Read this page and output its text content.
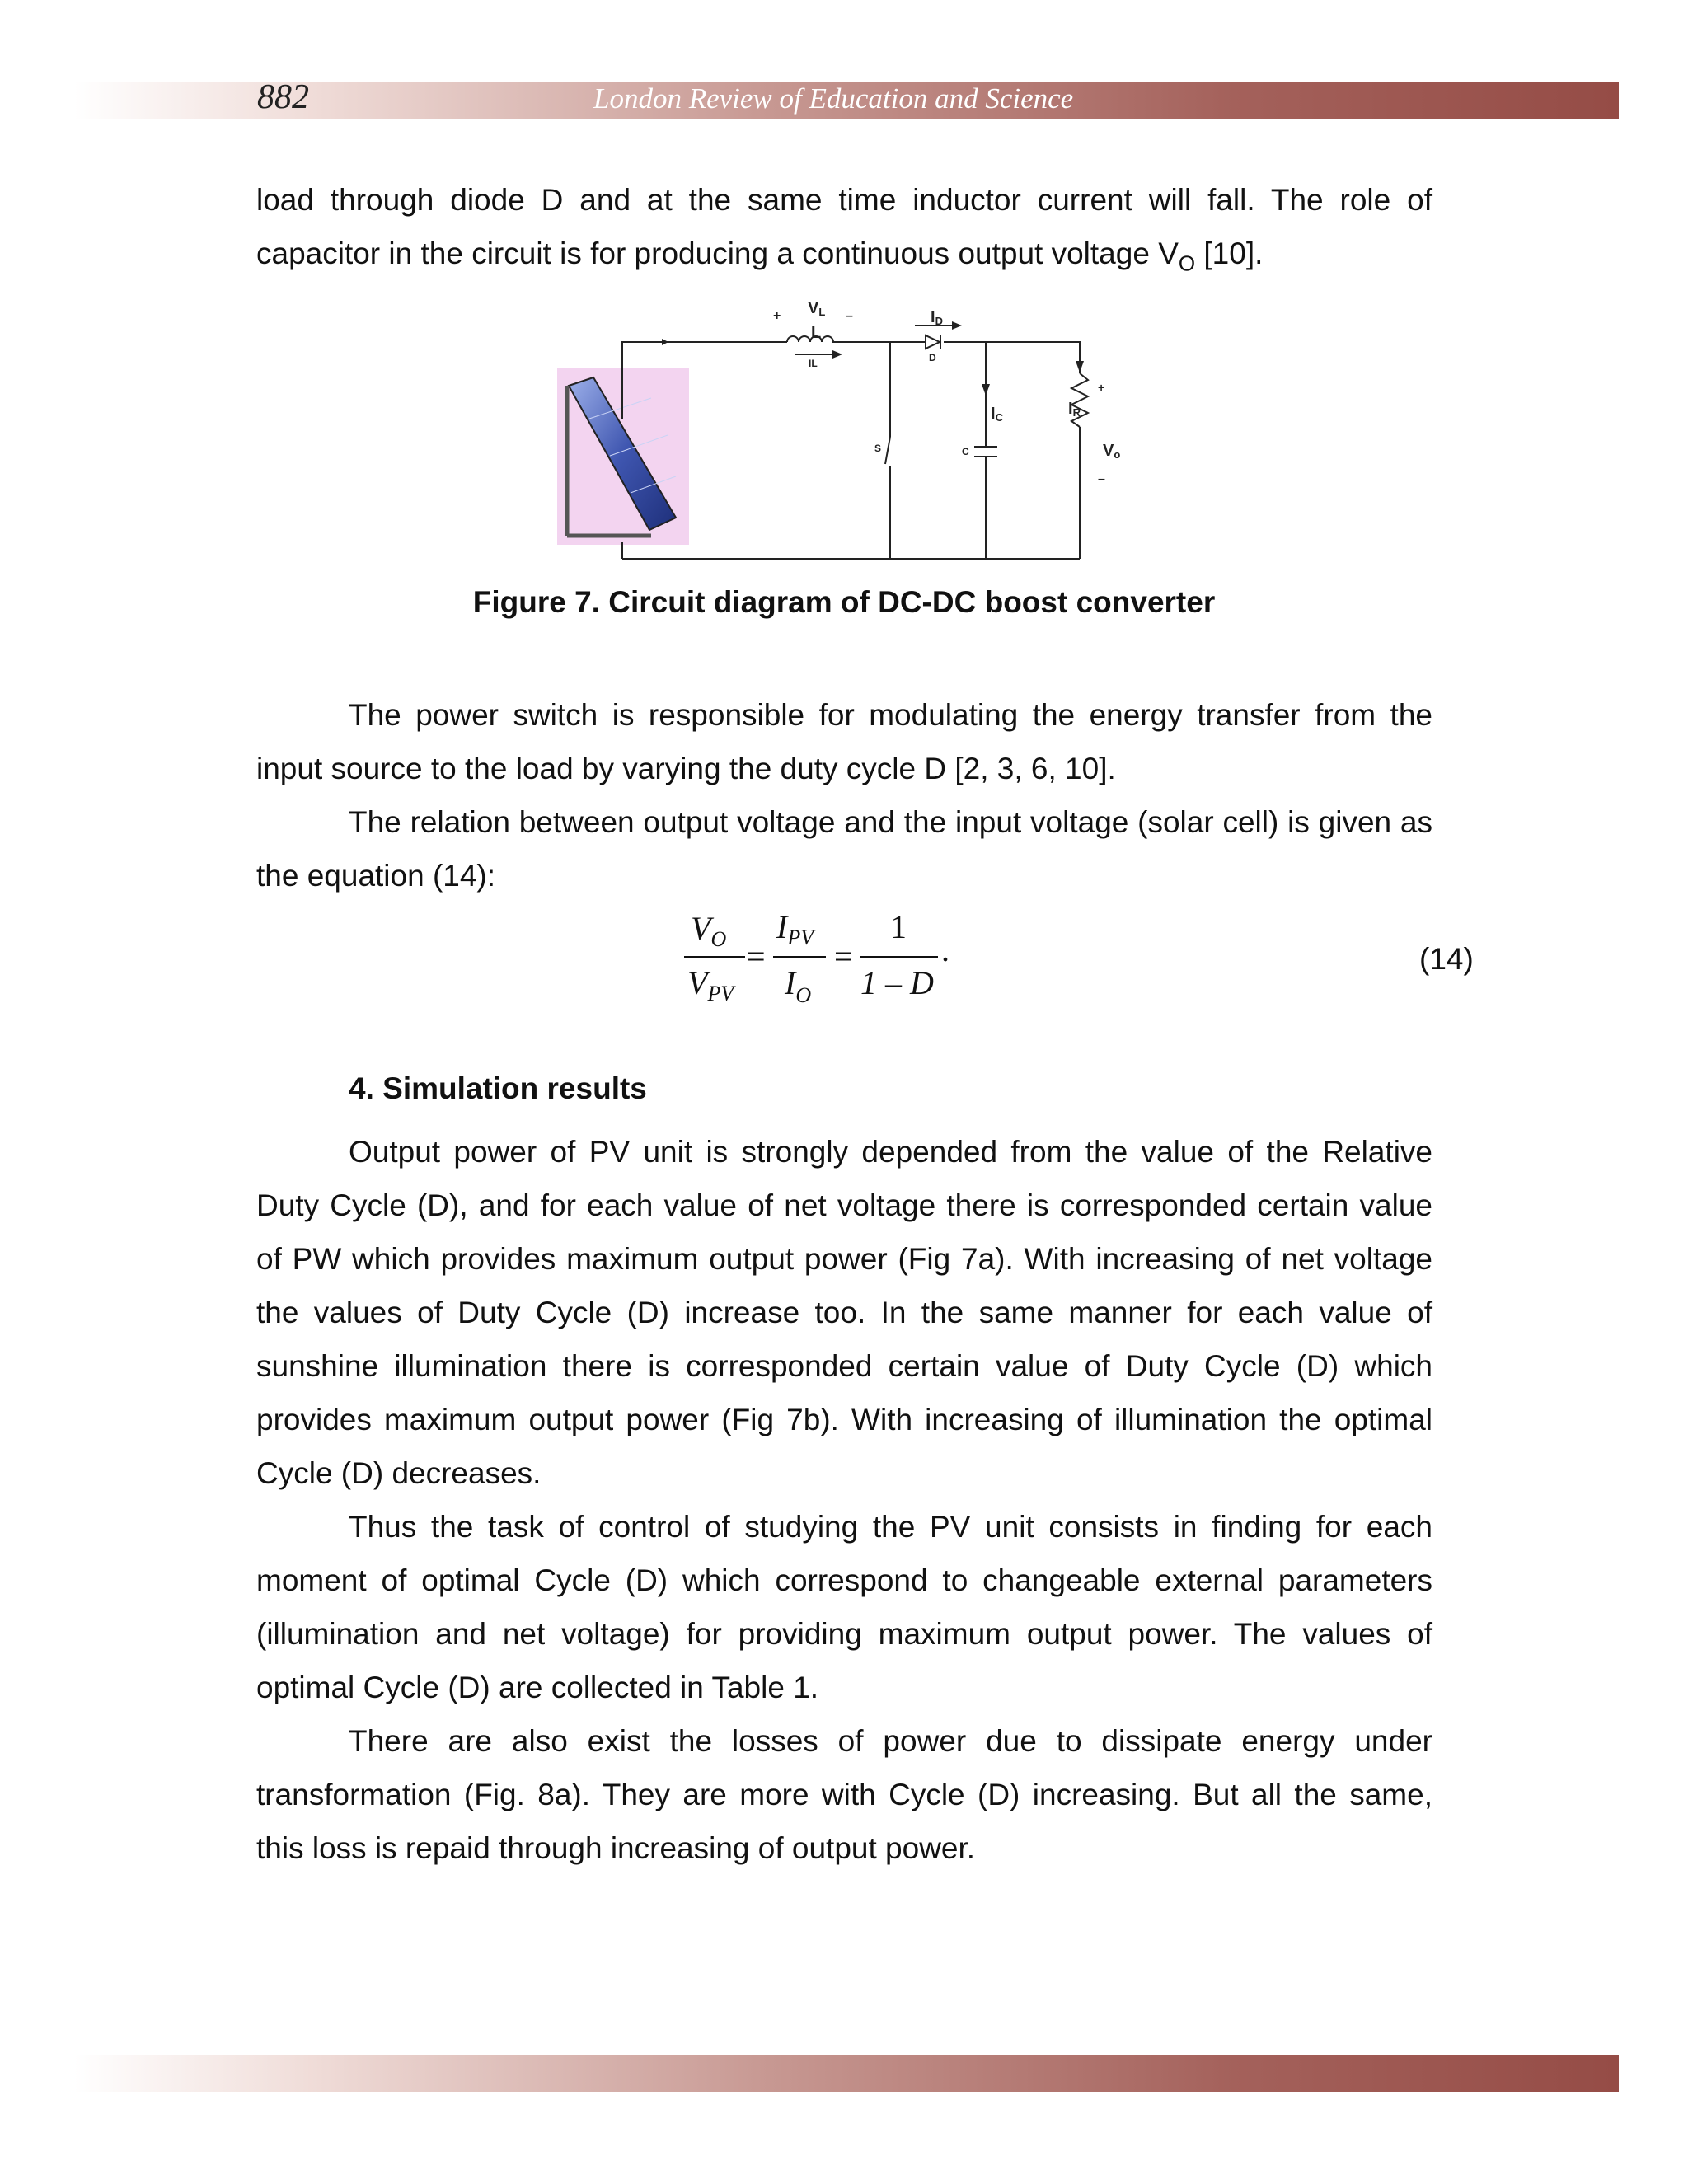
882	London Review of Education and Science

load through diode D and at the same time inductor current will fall. The role of capacitor in the circuit is for producing a continuous output voltage $V_O$ [10].

+	–
VL
L
IL
ID
D
S	C
IC	IR
+
Vo
–
Figure 7. Circuit diagram of DC-DC boost converter

The power switch is responsible for modulating the energy transfer from the input source to the load by varying the duty cycle D [2, 3, 6, 10].

The relation between output voltage and the input voltage (solar cell) is given as the equation (14):

$V_O$
$V_{PV}$
$I_{PV}$
$I_O$
1
1 – D
= =	.	(14)
4. Simulation results

Output power of PV unit is strongly depended from the value of the Relative Duty Cycle (D), and for each value of net voltage there is corresponded certain value of PW which provides maximum output power (Fig 7a). With increasing of net voltage the values of Duty Cycle (D) increase too. In the same manner for each value of sunshine illumination there is corresponded certain value of Duty Cycle (D) which provides maximum output power (Fig 7b). With increasing of illumination the optimal Cycle (D) decreases.

Thus the task of control of studying the PV unit consists in finding for each moment of optimal Cycle (D) which correspond to changeable external parameters (illumination and net voltage) for providing maximum output power. The values of optimal Cycle (D) are collected in Table 1.

There are also exist the losses of power due to dissipate energy under transformation (Fig. 8a). They are more with Cycle (D) increasing. But all the same, this loss is repaid through increasing of output power.
